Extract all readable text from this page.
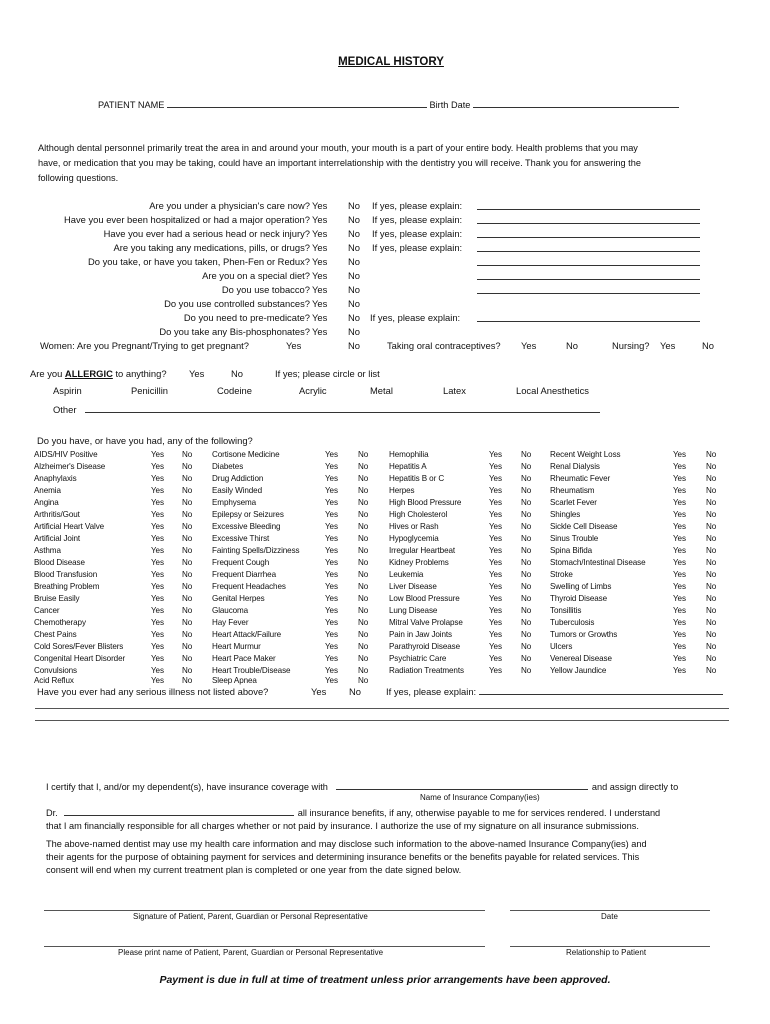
MEDICAL HISTORY
PATIENT NAME	Birth Date
Although dental personnel primarily treat the area in and around your mouth, your mouth is a part of your entire body. Health problems that you may
have, or medication that you may be taking, could have an important interrelationship with the dentistry you will receive. Thank you for answering the
following questions.
Are you under a physician's care now? Yes No If yes, please explain:
Have you ever been hospitalized or had a major operation? Yes No If yes, please explain:
Have you ever had a serious head or neck injury? Yes No If yes, please explain:
Are you taking any medications, pills, or drugs? Yes No If yes, please explain:
Do you take, or have you taken, Phen-Fen or Redux? Yes No
Are you on a special diet? Yes No
Do you use tobacco? Yes No
Do you use controlled substances? Yes No
Do you need to pre-medicate? Yes No If yes, please explain:
Do you take any Bis-phosphonates? Yes No
Women: Are you Pregnant/Trying to get pregnant?	Yes	No	Taking oral contraceptives? Yes	No	Nursing? Yes	No
Are you ALLERGIC to anything? Yes	No	If yes; please circle or list
Aspirin	Penicillin	Codeine	Acrylic	Metal	Latex	Local Anesthetics
Other
Do you have, or have you had, any of the following?
AIDS/HIV Positive	Yes No
Alzheimer's Disease	Yes No
Anaphylaxis	Yes No
Anemia	Yes No
Angina	Yes No
Arthritis/Gout	Yes No
Artificial Heart Valve	Yes No
Artificial Joint	Yes No
Asthma	Yes No
Blood Disease	Yes No
Blood Transfusion	Yes No
Breathing Problem	Yes No
Bruise Easily	Yes No
Cancer	Yes No
Chemotherapy	Yes No
Chest Pains	Yes No
Cold Sores/Fever Blisters	Yes No
Congenital Heart Disorder	Yes No
Convulsions	Yes No
Acid Reflux	Yes No
Cortisone Medicine	Yes No
Diabetes	Yes No
Drug Addiction	Yes No
Easily Winded	Yes No
Emphysema	Yes No
Epilepsy or Seizures	Yes No
Excessive Bleeding	Yes No
Excessive Thirst	Yes No
Fainting Spells/Dizziness	Yes No
Frequent Cough	Yes No
Frequent Diarrhea	Yes No
Frequent Headaches	Yes No
Genital Herpes	Yes No
Glaucoma	Yes No
Hay Fever	Yes No
Heart Attack/Failure	Yes No
Heart Murmur	Yes No
Heart Pace Maker	Yes No
Heart Trouble/Disease	Yes No
Sleep Apnea	Yes No
Hemophilia	Yes No
Hepatitis A	Yes No
Hepatitis B or C	Yes No
Herpes	Yes No
High Blood Pressure	Yes No
High Cholesterol	Yes No
Hives or Rash	Yes No
Hypoglycemia	Yes No
Irregular Heartbeat	Yes No
Kidney Problems	Yes No
Leukemia	Yes No
Liver Disease	Yes No
Low Blood Pressure	Yes No
Lung Disease	Yes No
Mitral Valve Prolapse	Yes No
Pain in Jaw Joints	Yes No
Parathyroid Disease	Yes No
Psychiatric Care	Yes No
Radiation Treatments	Yes No
Recent Weight Loss	Yes No
Renal Dialysis	Yes No
Rheumatic Fever	Yes No
Rheumatism	Yes No
Scarlet Fever	Yes No
Shingles	Yes No
Sickle Cell Disease	Yes No
Sinus Trouble	Yes No
Spina Bifida	Yes No
Stomach/Intestinal Disease	Yes No
Stroke	Yes No
Swelling of Limbs	Yes No
Thyroid Disease	Yes No
Tonsillitis	Yes No
Tuberculosis	Yes No
Tumors or Growths	Yes No
Ulcers	Yes No
Venereal Disease	Yes No
Yellow Jaundice	Yes No
Have you ever had any serious illness not listed above?	Yes No	If yes, please explain:
I certify that I, and/or my dependent(s), have insurance coverage with	and assign directly to
Name of Insurance Company(ies)
Dr.	all insurance benefits, if any, otherwise payable to me for services rendered. I understand
that I am financially responsible for all charges whether or not paid by insurance. I authorize the use of my signature on all insurance submissions.
The above-named dentist may use my health care information and may disclose such information to the above-named Insurance Company(ies) and
their agents for the purpose of obtaining payment for services and determining insurance benefits or the benefits payable for related services. This
consent will end when my current treatment plan is completed or one year from the date signed below.
Signature of Patient, Parent, Guardian or Personal Representative	Date
Please print name of Patient, Parent, Guardian or Personal Representative	Relationship to Patient
Payment is due in full at time of treatment unless prior arrangements have been approved.
